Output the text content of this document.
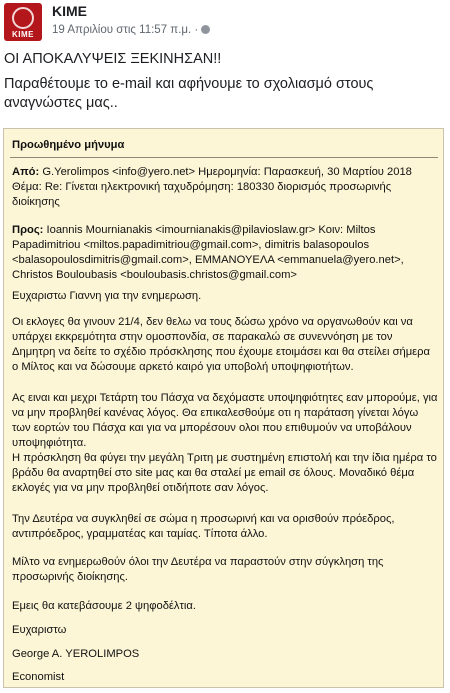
ΚΙΜΕ
ΚΙΜΕ
19 Απριλίου στις 11:57 π.μ. ·
ΟΙ ΑΠΟΚΑΛΥΨΕΙΣ ΞΕΚΙΝΗΣΑΝ!!
Παραθέτουμε το e-mail και αφήνουμε το σχολιασμό στους αναγνώστες μας..

Προωθημένο μήνυμα

Από: G.Yerolimpos <info@yero.net> Ημερομηνία: Παρασκευή, 30 Μαρτίου 2018

Θέμα: Re: Γίνεται ηλεκτρονική ταχυδρόμηση: 180330 διορισμός προσωρινής διοίκησης

Προς: Ioannis Mournianakis <imournianakis@pilavioslaw.gr> Κοιν: Miltos Papadimitriou <miltos.papadimitriou@gmail.com>, dimitris balasopoulos <balasopoulosdimitris@gmail.com>, ΕΜΜΑΝΟΥΕΛΑ <emmanuela@yero.net>, Christos Bouloubasis <bouloubasis.christos@gmail.com>

Ευχαριστω Γιαννη για την ενημερωση.

Οι εκλογες θα γινουν 21/4, δεν θελω να τους δώσω χρόνο να οργανωθούν και να υπάρχει εκκρεμότητα στην ομοσπονδία, σε παρακαλώ σε συνεννόηση με τον Δημητρη να δείτε το σχέδιο πρόσκλησης που έχουμε ετοιμάσει και θα στείλει σήμερα ο Μίλτος και να δώσουμε αρκετό καιρό για υποβολή υποψηφιοτήτων.

Ας ειναι και μεχρι Τετάρτη του Πάσχα να δεχόμαστε υποψηφιότητες εαν μπορούμε, για να μην προβληθεί κανένας λόγος. Θα επικαλεσθούμε οτι η παράταση γίνεται λόγω των εορτών του Πάσχα και για να μπορέσουν ολοι που επιθυμούν να υποβάλουν υποψηφιότητα.

Η πρόσκληση θα φύγει την μεγάλη Τριτη με συστημένη επιστολή και την ίδια ημέρα το βράδυ θα αναρτηθεί στο site μας και θα σταλεί με email σε όλους. Μοναδικό θέμα εκλογές για να μην προβληθεί οτιδήποτε σαν λόγος.

Την Δευτέρα να συγκληθεί σε σώμα η προσωρινή και να ορισθούν πρόεδρος, αντιπρόεδρος, γραμματέας και ταμίας. Τίποτα άλλο.

Μίλτο να ενημερωθούν όλοι την Δευτέρα να παραστούν στην σύγκληση της προσωρινής διοίκησης.

Εμεις θα κατεβάσουμε 2 ψηφοδέλτια.

Ευχαριστω

George A. YEROLIMPOS

Economist
